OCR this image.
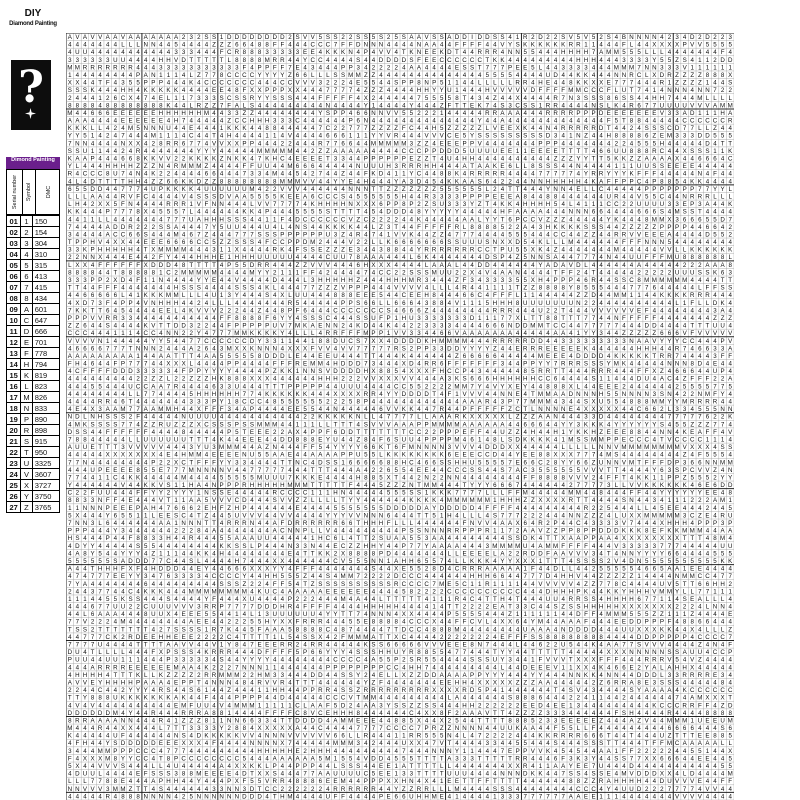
DIY
Diamond Painting
?
Dimond Painting
Serial number Symbol DMC
01	1	150
02	2	154
03	3	304
04	4	310
05	5	315
06	6	413
07	7	415
08	8	434
09	A	601
10	C	647
11	D	666
12	E	701
13	F	778
14	H	794
15	K	819
16	L	823
17	M	826
18	N	833
19	P	890
20	R	898
21	S	915
22	T	950
23	U	3325
24	V	3607
25	X	3727
26	Y	3750
27	Z	3765
A V A V V A A V A A A A A A A 2 3 2 S S 1 D D D D D D D D 2 S V V 5 S S 2 2 S S 5 S 2 5 S A A V S S A D D I D D S S 4 1 R 2 D 2 2 S V 5 V 5 2 S 4 B N N N N 4 2 3 4 D 2 D 2 2 3
4 4 4 4 4 4 4 L L L N N 4 4 5 4 4 4 4 Z Z Z 6 6 4 8 8 F F 4 4 4 C C C 7 F F D N N N 4 4 4 4 N A A 4 4 F F F F 4 4 V Y S K K K K K K R R 1 1 4 4 4 F L 4 4 X X X X P V V 5 5 5 5
4 U U 4 4 4 4 4 4 4 4 4 4 4 3 3 3 4 4 4 F C R 8 8 8 3 3 3 3 3 E E 4 K K K N 4 P 4 V V 4 T K N E E K D T 4 4 R R R 4 N N 5 5 4 4 4 H H H H 7 A M M 5 5 5 L L L 4 4 4 4 4 4 4 F 4
3 3 3 3 3 3 U U 4 4 4 4 H H V D T T T T T L 8 8 8 8 M R R 4 4 Y C C 4 4 4 4 S 4 4 D D D D S F E E C C C C C C T K K 4 4 4 4 4 4 4 4 4 H H H 4 4 4 3 3 3 3 Y 5 5 Z S 4 1 1 2 D D
M M R R R R R R R 4 4 4 3 3 3 3 3 3 3 3 3 3 3 F 4 P P F F 7 E 4 3 4 4 4 P P 3 4 2 2 2 2 4 A A 4 4 4 4 E S S T 7 7 7 P E E 5 L 4 4 3 3 3 3 4 4 4 M M M 7 N N 3 3 3 V 1 1 1 1 1 1
1 4 4 4 4 4 4 4 4 P A N 1 1 1 4 L Z 7 7 8 C C C C Y Y Y Y Z 6 6 L L L S S M M Z Z 4 4 4 4 4 4 4 4 4 4 4 4 4 4 5 5 5 5 4 4 4 4 U D 4 4 K K 4 4 4 N N R C L X D R Z Z Z Z 8 8 8 X
X X 4 4 T F 4 3 5 5 P P P 4 4 4 K 4 C C C C C C C 4 4 4 C C V V V 3 2 2 2 4 E 5 5 4 4 S P P 8 N P 5 1 1 4 4 L L L L L R R 4 H E 4 4 8 K K X X E 7 7 7 4 4 4 R 1 Z Z Z Z 1 4 4 S
S S S K 4 4 4 H H 4 K K K K K 4 4 4 4 E E 4 8 F X X P P P X X 4 4 4 7 7 7 7 4 Z Z Z 4 4 4 4 H H Y Y U 1 4 4 4 H V V V V V D F F F F M M C C C F L U T 7 4 1 4 N N N 4 N N 7 2 2
2 4 4 4 1 2 6 C X 4 7 4 E L 1 1 7 3 3 3 S C S S R Y Y S S S 4 4 4 F F F F F 4 X 2 4 4 4 4 4 7 5 5 5 5 8 T 4 3 4 Z 4 4 X 4 4 4 4 R 7 N 3 S S S 8 6 S S 4 4 H H 7 4 4 4 M L L L L
8 8 8 8 4 8 8 8 8 8 8 8 8 K 4 4 L R Z Z 7 F A L S 4 4 4 4 4 4 4 4 4 N 4 4 4 4 Y 1 4 4 4 4 Y 4 4 4 Z F T T E K 7 4 S 3 C S S 1 R R 4 4 4 4 N S L K 4 R 6 7 7 U U U U V V V A M M
M 4 4 6 6 6 E E E E E E H H H H H H M 4 4 3 3 Z Z 4 4 4 4 4 4 4 4 Y S P P 4 6 6 N N V V 5 5 2 2 2 1 4 4 4 4 4 R R A A A 4 4 4 R R R R P P P D E E E E E E E V 3 3 A D 1 1 1 H A
A A A 4 4 4 4 E E E E E E 4 H 7 4 4 4 4 4 Z C C H H H 3 3 3 C 4 4 4 4 4 4 P 6 N 4 4 4 4 4 4 4 4 4 4 4 4 4 4 Y 4 4 A 4 4 4 4 4 4 4 4 4 4 4 4 4 F 5 T 8 8 4 4 4 4 4 C C C C C C R
K K K L L 4 2 4 M 5 N N N U 4 4 E 4 4 4 1 K K K 4 4 8 8 4 4 4 4 4 7 C 2 2 7 7 7 Z Z Z Z F C 4 4 H 5 Z Z Z Z Z L V E E X K 4 4 N 4 R R R R R D T 4 4 2 4 S S S C D 7 7 L L Z 4 4
Y Y 5 1 4 2 4 7 4 4 4 M 1 1 1 4 C 4 4 T 4 H 4 4 4 4 1 1 4 V 4 4 4 4 6 6 6 1 1 1 Y Y V R 4 4 4 V V V C E 5 Y S S S S S S S S S D 3 4 1 N Z 4 4 H 8 8 8 8 6 Z E M 3 3 3 D D 5 5 5
7 N N 4 4 4 4 N X X 4 2 8 R R 6 7 7 4 V V X X P P 4 4 4 2 2 4 4 4 R 7 7 6 6 4 4 M M M M M 3 Z Z 4 E E E P P V 4 4 4 4 4 4 4 P P P 4 4 4 4 4 4 4 2 2 4 5 5 5 H 4 4 4 4 4 D 4 T T
S S U 1 1 4 4 2 4 R 4 4 4 4 4 4 4 Y Y Y 4 4 4 4 4 M M M M M 4 4 2 Z Z A A A A A 4 4 4 4 C C C P P D D D 5 U U U U E E 1 1 E E E E T T T T 4 6 6 U U 8 8 8 R C 4 4 X S S S 1 1 K
K A A P 4 4 4 6 6 8 K K V V 2 2 K K K K Z N K K 4 7 K H C 4 E E E E T 3 3 4 4 P P P P P P E Z Z T 4 U 4 H H 4 4 4 4 4 4 4 4 4 4 Z Z Z Y Y T T 5 K K Z Z A A A A X 4 4 6 6 6 4 C
Y L 4 4 4 H H H H Z Z Z N 4 R M M M Z 4 4 4 4 F F U U 4 4 M 6 6 6 4 4 4 4 4 N U U U H 3 R R R H H 4 4 4 A T A A K E 6 L L 8 S S S 4 4 N 4 4 4 4 1 1 1 U U S S E E E E 4 4 4 4 4
R 4 C C C 8 U 7 4 N 4 K 2 2 4 4 4 4 6 6 4 4 4 7 3 3 4 M 4 4 5 4 2 7 4 4 Z 4 4 F K D 4 1 1 Y C 4 4 8 8 K 4 R R R R R 4 4 4 4 7 7 7 7 7 4 Y R R Y Y Y K F F F 4 4 4 4 4 N 4 F 4 4
4 L 4 D T T T T H H 4 Z Z 6 6 K K D Z Z 8 8 8 8 8 8 8 8 M M M V V 4 4 Y Y E 4 H 4 4 4 Y A 3 D 4 5 4 K K A A S 6 4 2 2 4 4 N N H H H H H 4 K A F F P P C 4 P 8 8 5 4 K K 4 4 4 4
6 5 5 D D 4 4 7 7 7 4 U P K K K K 4 U U U U U U M 4 2 2 V V V 4 4 4 4 4 4 N N N T T Z Z Z Z Z Z Z 5 5 5 5 5 5 L 2 4 T T 4 4 4 Y N N 4 E L L C 4 4 4 4 4 P P P P P P P 7 7 Y Y L
L L L A A 4 4 R V F C 4 4 4 4 V 4 S S S D V A A 5 5 5 5 K E E A 6 C C C S 4 5 5 5 5 5 5 H 4 4 R 3 3 3 3 P P P P E E E A 8 4 4 8 8 4 4 4 4 4 4 U R 4 4 V 5 5 C 4 4 N R R R L L L
L H 4 2 X X 5 F N 4 4 4 4 R R R 1 V F N N 4 4 4 L V V 7 7 7 7 4 K H H H H N X X X 6 P P 8 P 2 Z S U 3 3 3 Y Z T 4 K K 4 H H H H 5 4 L 4 1 1 1 C C 2 2 U U U U 3 3 E P 3 A 4 4 K
K K 4 4 4 P 7 7 7 8 X 4 5 5 5 7 L 4 4 4 4 4 4 K K 4 P 4 4 4 5 5 5 5 S T T T T 4 5 4 D D D 4 8 Y Y Y Y Y 4 4 4 4 4 H F A A A A 4 4 4 N N N 6 6 4 4 4 4 6 6 6 S 4 M S S T 4 4 4 4
4 4 1 1 L L 4 4 4 4 4 4 4 7 7 7 U A H H H S S S 4 4 1 1 F 4 D C C C C C C V Z C 2 2 2 2 4 4 K 4 4 4 4 4 A A L Y Y T 6 P C C V Z Z Z 4 4 4 4 4 Y K 4 4 4 8 M M X 3 6 6 6 5 5 D 7
7 4 4 4 4 A D D R 2 2 2 S S A 4 4 4 7 Y 5 U U 4 4 4 U 4 L 4 N S 4 4 K K K K 4 4 L Z 3 T 4 4 F F F F F R L 8 8 8 8 5 2 2 A 4 3 H K K K K S S S 4 4 Z Z Z Z Z P P P P 4 4 6 6 4 2
3 4 4 4 4 A C C 6 6 S 4 4 4 M 4 6 7 Z 4 4 4 7 7 7 S S S P P P P P P U 3 Z 4 R 4 7 4 1 V V K 4 4 Z Z 4 7 7 7 4 4 4 4 5 5 5 4 4 4 C C 4 4 Z Z 4 4 R R V V E E E A 4 4 4 4 D 5 5 2
T P P H V 4 X X 4 4 E E E 6 6 6 6 C C 5 Z Z S S S 4 F C C P P D M 2 4 4 4 V 2 2 L L K 6 6 6 6 6 6 6 S S U U U S N X X D 5 4 K L L L M 4 4 4 4 4 4 F F F N N N 5 4 4 4 4 4 4 4 4
3 3 K P H H H H H 4 T X M M M M 4 4 4 3 1 1 X 4 4 4 4 R K 4 F S S E Z Z Z E 3 4 4 3 8 8 4 4 Y R R R R R R R C C T P U 5 5 X K 4 Z 4 4 4 4 4 4 4 M 4 4 4 4 4 V V L L K K K K K K
2 2 N N X 4 4 4 E 4 4 2 F Y 4 4 4 H H H E 1 H H H U U U U U 4 4 4 4 C U U 7 8 A A A 4 4 4 L 6 K 4 4 4 4 4 4 4 D S P 4 Z 5 N N S A 4 4 7 7 7 4 N 4 4 U U F F F M U 8 8 8 8 8 8 L
L X X 4 F F F F F F X D D D 4 8 T T T T 4 P 5 5 D R R 4 4 4 Z Z V V V 4 4 4 6 H X X X 4 4 4 4 L A A A L 4 4 D D 4 4 4 4 4 4 Y A D A V D L 4 4 4 4 4 4 A 4 4 4 4 4 2 2 2 A A A 8
8 8 8 8 4 4 T 8 8 8 8 8 1 C 2 M M M M M 4 4 4 4 M Y Y 2 1 1 1 F F 4 2 4 4 4 4 7 4 C C 2 2 S S S M U U 2 2 X 4 V 4 A A N 4 4 4 4 T F F 2 4 T 4 4 4 4 4 2 2 2 2 2 U U U S S K 6 3
3 3 3 P P 2 X D 4 F 1 1 N 4 4 4 4 Y Y E 4 4 V 4 4 4 4 D 4 4 4 L 3 H H H H H Z 4 4 4 H H H M R 3 4 4 4 Z F 3 4 3 3 3 3 5 5 X H 4 P P P 4 6 R 4 4 S S C 8 M M M M M M 4 4 4 4 T T
T T 4 4 F F F 4 4 4 4 4 4 4 H S S S 4 4 4 4 S S S 4 K L 4 4 4 7 7 Z Z Z V P P P 4 4 4 V V V V 4 L L L 4 R 4 4 1 1 1 1 T Z Z 8 8 8 8 Y 8 5 5 5 4 4 4 7 7 7 6 4 4 4 4 4 L F F S S
4 4 6 6 6 6 6 L 4 1 K K K M M L L L 4 U 1 3 Y 4 4 4 S 4 X L U U 4 4 4 8 8 8 E E E 5 4 4 C E E H 8 4 4 4 6 6 C 4 F F F L 1 1 4 4 4 4 4 Z Z D 4 4 M M 1 1 4 4 K K K K R R R 4 4 4
4 X D 7 3 F 4 P P 4 V N H H H 4 4 2 4 L L L 4 4 4 4 4 4 4 R 5 4 4 4 4 4 P P S 6 6 L L 6 6 6 4 3 8 8 4 V 1 1 1 5 H H H 8 U U U U U U U N 2 2 4 4 4 4 4 4 4 4 4 4 L 1 F L L D K 4
7 K K T T 6 4 5 4 4 4 4 E E L 4 K V V V 2 2 2 4 4 Z 4 4 8 P F 6 4 4 4 C C C C C C C S 4 6 6 6 Z 4 4 4 4 4 4 4 4 R R R 4 4 4 U 2 2 T 4 4 4 V V V V V V E F 4 4 4 4 4 4 4 4 3 A 4
P P P V V R R 3 3 4 4 4 4 4 4 4 4 4 4 4 F F 8 8 8 8 F 6 Y Y 4 S S S C 4 4 4 S S U F P 1 H U 3 3 3 3 3 3 3 D 1 1 1 7 7 X L T T 8 8 T T T 7 7 4 4 N F F F F F 4 4 4 4 4 4 4 Z Z Z
Z Z 6 4 4 S 4 4 4 4 K V T T D D 3 2 2 4 4 F P P P P P U V 7 M K A E N N 2 4 K D 4 4 K 4 4 2 2 3 3 3 3 4 4 4 4 6 6 6 N D D M M T C C 4 4 7 7 7 7 7 4 4 4 D D 4 4 4 4 T T T U U 4
C C C 4 4 4 1 1 1 4 C C 4 N N 2 2 Y 4 7 7 7 M M K K K K Y 4 L L L 4 R R F F F M P P 1 V V 3 3 4 4 6 6 V A A A A A A A 4 4 4 4 4 A A 4 1 Y Y 3 4 4 Z Z Z Z Z 6 6 6 V F V V V V V
V V V V N 1 4 4 4 4 4 Y Y 5 4 4 7 7 C C C C C C D Y 3 3 1 1 4 4 1 8 8 D U C S 7 X X 4 D D D D K H M M M M 4 4 4 R R R R R D D 4 4 3 3 3 3 3 3 3 3 3 N A A V Y Y Y C C 4 4 4 P V
4 6 6 6 6 7 7 7 T N N N 2 4 4 4 A 2 6 4 3 M X X K N N N 4 X X X F V V 4 V V 7 7 7 7 7 R S 2 P P 3 3 D D Y Y Y Y Z 4 4 E R R R E E E E E K 4 4 4 4 4 4 H H H 4 4 R 7 4 6 6 3 3 A
A A A A A A A A A 1 4 4 A A T T T 4 A A 5 5 5 5 5 8 D D D L E 4 4 E E U 4 4 4 T T 4 4 4 K 4 4 4 4 4 4 Z 6 6 6 6 6 4 4 4 4 4 M E E E 4 D D D D 4 K K K K K T R R 7 4 4 4 4 3 F F
F H 4 6 4 4 F P 7 7 7 4 4 X X X L 4 4 4 4 P P 4 4 4 4 F F F R E M M 4 H D D D 7 3 4 4 4 X D 4 R R 6 F F F F F F F 3 4 4 P P Y Y 7 R R R S S S Y M K 4 4 4 4 4 N N N 8 D 4 E 4 4
4 C F F F F D D D 3 3 3 3 3 4 F P P Y Y Y Y 4 4 4 4 P Z K K 1 N N S V D D D D H X 8 8 5 4 X X X F H C C P 4 3 4 4 4 4 4 8 5 R R T T 4 4 4 R R R 4 4 4 F F X Z 4 6 6 6 4 4 U P 4
4 4 4 4 4 4 4 4 4 2 2 Z Z L 2 2 Z Z Z H K 8 8 8 X X X 4 4 4 4 4 4 H H H 2 2 2 V V X X X V V 4 4 4 A 3 K S 6 6 6 H H H H H H C C 6 4 4 4 4 S 1 1 4 4 4 D U 4 A C 4 Z F F F 2 2 A
4 4 4 5 5 4 4 4 U C C A A 7 R 4 4 4 4 6 3 3 U 4 4 4 T T T P P P P P 4 4 U U U 4 4 4 4 C C 5 5 2 2 2 2 M M 7 Y 4 V Y X E Y 4 4 8 8 8 X L 4 4 E E E 2 4 4 4 4 4 4 2 5 5 5 5 7 7 5
4 4 4 4 4 4 4 4 L L 7 7 4 4 4 4 5 H H H H H H 7 7 4 K K K K K K 4 4 4 X X X X R R 4 Y Y D D D D T 4 F 1 V V V 4 4 N N E 4 T M M A A D N N N H 5 5 N N N N 3 S N 4 2 2 N M F Y 4
4 4 4 4 R R 4 6 T 4 4 4 4 4 4 4 3 3 3 P Y 1 8 C C C 4 8 5 5 5 5 5 5 2 2 2 5 8 P 4 4 4 4 4 4 4 4 4 4 4 4 A A A R 4 3 P 7 7 M M M 4 3 4 4 S X U 5 5 4 8 8 8 M M Y Y M R R R R 4 4
4 E 4 X 3 A A M 7 7 A A M M H 4 4 X F F F 3 4 A P 4 4 4 4 E E 5 5 4 4 N 4 4 4 4 4 6 V V K K 4 4 7 R 4 4 P F F F F F Z C T L N N N N E 4 X X X X X 4 4 C 6 6 2 L 3 3 4 5 5 5 N N
N D L N H S S S 2 F 4 4 4 4 4 N U U U U 4 4 4 4 4 4 4 4 4 4 4 2 2 K K K K K N L L 4 7 7 7 7 L L A A A R K X X X X X L Z Z Z A A N 4 4 4 3 3 D 4 4 4 4 4 4 4 4 7 7 7 7 7 6 2 2 K
4 M K S S S S 7 7 4 Z Z R U Z Z Z X C S S S P S S M M M 4 4 1 1 1 L L T T T 4 S V V V A A A P P M M M M A A A A A A 4 4 6 6 6 4 4 Y Y 3 K K K 4 Y Y Y Y Y Y S 4 5 5 Z Z Z 7 7 4
D S S 4 4 F F F F F F 4 4 4 4 8 4 4 4 4 4 P 5 T E E E 2 2 A X 4 P P F 6 D D T T T T T T T C C 2 2 P P P E F F 4 4 U Z Z 4 H 4 4 H 1 Y K K H Z E E E 8 8 4 4 N N 4 K E A F F 4 V
7 8 8 4 4 4 4 4 L L U U U U U U T T T 4 K 4 4 E E E 4 4 D D 8 8 8 E Y U 4 4 Z 8 4 F 6 S U U 4 P P P P M 4 6 1 4 8 L S D K K K K 4 1 M S S M M P P E C C C 4 T V C C C C 1 1 1 4
A U U E T T T 3 V V V V V 4 4 4 3 Y U 3 M M M 4 4 A Z N 4 4 4 F F 5 4 Y Y Y Y 6 6 K T 6 F M N N N N 3 V V V 4 D D D X X 4 4 4 4 4 L L L L L N N V M M M M M M M M V X X X 4 S S
4 4 4 4 4 X X X X X X X 4 E 4 H M M 4 E E E E N U 5 5 A A E 4 4 A A A A P P U 5 5 L K K K K K K K K 6 E E E C C D 4 4 Y E E 8 8 X X X 7 7 7 4 M S 4 4 4 4 4 4 4 4 Z 4 F 5 5 5 4
7 7 N 4 4 4 4 4 4 4 4 P 2 2 X C T F F F Y Y 3 3 4 4 4 4 T T N C 4 D S S 1 6 6 6 6 6 8 8 H C 4 6 6 S S H H U 5 5 5 5 7 E 6 6 C 2 8 Y Y 6 6 Z U N N V M T F F F D P 3 6 6 N N M M
4 4 4 U P E E E E 8 5 5 E 7 7 7 M N N N N V 4 4 7 7 7 7 7 4 4 4 T T T 4 4 4 A 4 2 2 6 5 5 4 E E 4 4 C C C S S 4 4 S 7 A C 3 5 5 5 5 5 5 V V V T T 4 4 4 4 Y 6 3 S P C V V Z 4 N
7 7 4 4 1 1 C 4 K K 4 4 4 4 4 M 4 4 4 4 5 5 5 5 5 M U U U 7 K K K E 4 4 4 4 H 8 8 5 X T 4 4 2 N 2 2 N N 4 4 4 4 4 4 4 4 F F 8 8 8 8 V V V 2 4 F F T 4 K K 1 1 P P Z 5 5 5 2 Y Y
Y 4 4 4 4 4 4 V 4 4 K K V S 1 1 H A 4 N P P P R H H H H H M M M T T T T T F 4 4 4 5 Z Z Z N T M M 4 4 4 T Y Y Y 6 6 6 7 4 4 4 4 4 4 2 7 7 7 7 3 L L V V K K K K K K 4 6 E 6 D D
C 2 2 F U U 4 4 4 F F Y Y 2 Y Y Y 1 N S S E 4 4 4 4 4 R C C C C 1 1 1 H N 4 4 4 4 4 5 5 5 S S 1 K K K 7 7 7 7 L L L F F M 4 4 4 4 4 M M 4 4 8 4 4 4 F F 4 4 Y Y Y Y Y Y E E 4 8
8 8 3 3 N F F 4 E 4 4 4 V T 1 1 A A 5 V V V C D 4 4 4 S V V Z Z L L L L T Y Y 4 4 4 4 4 4 K K K K 4 M M M M M M 1 H H H Z Z X X X X R T T 4 4 4 4 S N 4 4 3 4 1 1 1 2 2 2 A M 1
1 1 N N N P E E E P A H 4 7 6 6 6 2 E H F Z H P 4 4 4 4 4 4 E 4 4 4 4 5 5 5 5 5 5 5 D D D D D A Y D D D D D 4 F F F F 4 4 4 4 4 4 4 4 4 R 2 2 5 4 4 4 L L 4 5 E E 4 4 4 2 4 4 5
5 X 4 4 4 Y 6 5 5 1 1 L E E S C 4 T Z 4 4 5 U V V V 4 4 V V 4 4 4 4 Y Y Y V V N N N 6 4 4 4 T T 5 1 H 4 L L L 4 S 7 7 7 2 2 2 4 4 4 N N Z Z Z 4 L U X X M M M M M 3 C Z E 4 R U
7 N N 3 L 6 4 4 4 4 4 4 A A 1 N N N T T 4 R R R N 4 4 A F D R R R R R R 6 6 T H H H F L L L 4 4 4 4 4 4 F N V V 4 A A X 6 4 R 2 P 4 4 C 4 3 3 3 3 V 7 4 4 4 X H H H 4 P P P 3 P
P P P 4 4 4 Y 3 4 4 4 4 4 4 2 2 2 8 4 A 4 4 4 4 4 4 4 A C N N P L L V 4 4 4 4 4 4 4 4 4 P S S N N N R R P P P R 1 1 7 2 A A V Z Z P P 8 P P D D D K K K 8 E F K K M M M 4 4 A A
H S 4 4 4 P 4 4 F 8 8 3 3 H 4 4 R 4 4 4 5 5 A A A U U 4 4 4 4 4 1 H C 6 L 4 T T 2 S U A A 5 5 3 A A 4 4 4 4 4 4 4 4 S S D K 4 T T X A A P P A A 4 X X X X X X X X T T T 4 8 M 4
4 D Y Y 4 4 4 4 4 S 5 5 4 4 4 4 4 4 4 4 K K S S L P 4 4 4 N 3 3 N 4 4 E C Z Z H H Y 4 4 P 7 7 Y A A A A 4 4 4 3 M M M M U 4 A M M F F F F 4 4 4 V 3 3 3 3 3 7 7 7 4 4 4 4 4 U U
4 A 8 Y 5 4 4 Y Y Y 4 Z 1 1 1 4 4 K K 4 H 4 4 4 4 4 4 4 4 E 4 T T K K 2 X 8 8 8 8 P D 4 4 4 4 4 4 4 L L E E E E L A 2 2 R D D F A A V V V 3 4 T 4 N N Y Y Y Y 6 6 4 4 4 4 5 5 5
5 5 5 5 5 5 S A D D D 7 7 C 4 4 S L 4 4 4 4 H 7 4 4 4 X X 4 4 4 4 4 4 C V 5 5 5 N N 1 A H H 6 5 5 7 4 L L K K K 4 Y Y X X X 1 T T T 4 S S S S 2 V 4 D N 5 5 5 5 5 5 5 5 5 5 K K
A 4 4 T H H H F X F 4 H D D D 4 4 E Y 4 4 6 6 6 X X X Y Y 4 F F F 4 4 4 4 4 4 4 S 4 4 X E 5 5 2 8 D 4 C R R R A A A A A 1 F 4 4 D L L 4 4 2 5 5 5 5 5 4 6 6 5 A A 1 E E 4 4 4 4
4 7 4 7 7 7 E E Y Y 3 4 7 6 3 3 3 3 4 C C C C Y 4 4 H H 5 5 5 Z 4 4 S 4 M M 7 2 2 2 2 D C C C 4 4 4 4 4 4 H H H 6 6 4 4 7 7 7 D 4 H H V 4 4 Z Z Z Z Z 1 4 4 4 4 N M M C C 4 7 7
7 Y A 4 4 4 4 4 4 4 6 4 4 4 4 4 4 4 4 4 S S S Z 2 2 4 F F 5 4 T Z S S S S S S S S S S R C C C C 7 M E 5 C 1 1 R 1 1 1 1 4 4 V V V V V 4 Z Z 7 7 8 C 4 4 4 4 U V 5 T T 6 6 H H 2
2 4 4 3 7 7 4 4 C 4 K K K 4 4 4 M M M M M M M M 4 K U C 4 A A A A A E E E E E E 4 4 4 4 5 8 2 2 2 2 C C C C C C C C C C 4 4 4 D H H H P K 4 4 K K Y H H H V M M Y L L 7 7 1 1 1
1 1 1 4 4 5 5 K S S 4 4 4 S 4 4 4 4 Y F 4 4 4 X U 4 4 4 4 P 2 2 2 4 4 4 M 4 A 4 4 L T T T T T 4 1 1 1 R 4 C 4 T T H 4 T 4 4 4 U U 4 R R S S 4 H H H H 6 7 7 1 1 4 S E A L L L 4
4 4 4 6 7 7 U U 2 2 C U U U V V V 3 R R P 7 7 7 7 D D D H R 4 F F F F 4 4 4 4 H H H H H 4 4 4 4 1 4 T T 2 2 2 2 E A T 3 3 C 4 4 S Z S S H H H H H X X X X X X X 2 2 2 4 L N N 4
4 4 L 6 A A A 4 4 4 8 U U X 4 E E E 5 5 4 4 1 4 L 1 3 U U U U U U 4 Y Y T T 7 4 N N N 4 X X 4 4 4 4 P 5 5 5 5 4 4 4 Z 1 1 1 1 1 1 4 4 D F F 4 M M M 5 5 5 Z Z 1 1 1 Z 4 4 4 4 E
7 7 V 2 2 2 4 M 4 4 4 4 4 4 4 4 A E E 4 4 2 2 2 5 5 H Y X X F R R R 4 4 4 5 5 E 8 8 8 8 4 C C C X 4 4 F F C V L 4 X X 6 4 Y M 4 4 A A A F 4 4 4 E E D D P P P F 4 8 8 6 6 4 4 4
T S S 2 T T T T T T T 4 2 7 S S S S 1 R 7 K 4 4 5 F A A A 5 8 8 8 8 C 4 8 7 4 4 4 4 7 T D C C 4 8 8 8 M 4 4 4 4 4 4 4 4 U A A A 4 N D D D D 4 4 4 U U X X X K K 4 4 X 4 L L L Z
4 4 7 7 7 C K 2 R D E E H H E E E 2 2 2 2 C 4 T T T T 1 L 5 4 S S X 4 2 F M M M A T T X C 4 4 4 4 2 2 2 2 2 2 2 4 E F F F S S 8 8 8 8 8 8 8 8 4 4 4 4 D D P P P P P 4 C C C C 7
7 7 7 7 U 4 4 4 4 T T T T A A V V 4 4 V 1 Y 8 4 7 E E E R R 2 4 R R 4 4 4 4 4 K S S 6 6 6 6 6 V V V E E E 8 N 7 4 4 4 L 4 4 6 2 2 U 5 4 4 K 4 A A 7 7 S V V V 4 4 4 4 Z 4 N 4 F
D U 4 T L L L L 4 4 4 F X P S S S 4 K R R R 4 4 4 D F F F F 5 P 6 6 Y Y Y 4 S S S H H U Y R 8 8 5 5 4 7 7 4 4 4 T Y Y 4 4 T T T T T 4 4 4 4 4 X X X N N N N N S S A U U 4 C C P
P U U 4 4 U U 1 1 1 4 4 4 P 3 3 3 3 3 4 S 4 4 Y Y Y Y 4 4 4 4 4 4 4 4 C C C C 4 A 5 5 P 2 S R 5 5 4 4 4 4 S S S U Y 3 4 4 1 F V V V T X X X F F F 4 4 4 R R R V 5 4 V Z 4 4 4 4
4 4 4 A R R R R E E E E E E M A A 4 K 2 2 2 7 N N N 1 1 4 4 4 4 4 4 P P P P P P P P C C 4 H H 7 4 4 4 4 4 4 4 4 4 L 4 4 D E E E V 1 1 X X 4 K 4 6 6 E 2 Y A L A H H X 4 4 4 4 4
4 H H H H 4 T T T K L L K Z Z Z Z 2 R R M M M 2 2 H M 3 3 4 4 4 D D 4 4 S S Y 2 4 E L L X Z Z D D A A A A P P Y Y Y 4 4 4 Y Y 4 4 4 N N K K 4 N N 4 4 D D D L 3 3 R R R R E 3 4
A V V E Y H H H H P A A A 4 E P P T 4 N N N 4 8 4 R V V R 4 T T T 4 4 4 4 4 4 Y Z F 4 4 4 4 4 4 4 E E H H 4 X X X X X Z Z Z A A 4 4 4 4 4 2 Z 6 R R A 8 E 3 S S S 4 4 4 4 4 8 4
2 2 4 4 C 4 4 2 Y Y Y 4 R S 4 4 S 6 1 4 4 Z 4 4 4 1 1 H H 4 4 P P R R 4 S S Z R R R R R R R R R X X X X R D 5 P 4 1 4 4 4 4 4 4 T 4 S V 4 3 4 4 4 4 S Y A A A A 4 K C C C C C C
T T Y 8 8 8 U K K K K K K K A K 4 4 F 4 4 4 P P P P 4 4 D 4 4 4 4 4 C C C V T M M 4 4 4 4 4 4 4 4 4 L A 4 4 4 4 4 4 S 8 8 8 6 4 4 4 2 2 4 1 1 4 4 2 4 4 4 4 4 4 7 4 A M X X X T
4 V 4 V 4 4 4 4 4 4 4 4 4 4 E M F U U 4 V 4 M M M 1 1 1 1 1 C L A A F 5 D 2 4 A A 3 Y S S Z Z S S 4 4 4 H H 2 2 2 2 2 2 E E D 4 E E 1 3 4 4 4 4 4 4 4 4 4 K C C C R R F F 4 Z D
D D D D D D M 4 Y 4 4 R 4 4 4 R R R A 8 8 1 4 4 4 4 F F F F C 8 V C E H H H 8 4 4 4 4 4 4 C 4 X X 8 F 2 A A A V T T 4 Z Z Z Z 3 3 3 4 4 4 4 4 4 F S H 4 4 4 4 R 4 4 4 4 8 8 8 8
8 R R A A A A N N 4 4 4 R 4 1 Z Z Z 8 1 1 N N 6 6 3 3 4 T T D D D D 4 A M M E E E 4 4 8 8 5 X 4 4 X 2 5 4 4 T T T T 8 8 8 5 2 3 3 E E E E E Z 4 4 4 A Z V 4 4 M M M 1 U E E U M
M 4 4 4 R 4 4 X X 4 4 4 L 7 T T 3 3 3 3 Y 2 8 8 4 X X X X X A 4 4 C 4 4 4 4 7 7 7 7 C C C C 7 P R Z Z N N N N 4 4 U U K A A 4 4 F 5 5 L L F 4 4 4 4 4 4 4 4 4 6 6 6 6 4 4 4 S 6
K 4 4 4 4 4 U F 4 4 4 4 4 4 N S 4 D K K K K K V V 4 N N N V V V V V V 6 6 L L R 4 4 4 1 1 R R 5 5 5 N 4 L 4 7 2 2 2 2 4 4 4 K K R R R R 6 6 6 T 4 4 T 4 4 4 U Z T T T E E 8 8 5
4 F H 4 4 Y S D D D D D E E E X X X 4 F 4 4 4 4 N N N N X 7 4 4 4 4 4 M M M 3 4 2 4 4 4 U X X 4 7 V T 4 4 4 4 3 3 4 4 5 5 4 4 4 S 4 4 4 S S S T T 4 4 4 T F F M C A A A A A L L
3 4 4 4 M M P P P C C C 4 7 7 7 4 4 4 4 4 4 4 4 4 H H H H H E 2 H H H 4 4 4 4 4 4 4 4 4 7 4 4 4 N N N Y 1 1 4 4 4 7 E P P V V K 4 5 4 5 4 4 A A 1 F F 2 2 2 2 2 4 4 5 5 1 4 4 X
F 4 X X X M 8 Y Y C C 4 T 8 P C C C C C C C C 5 4 4 4 A A A A A A 5 M 1 5 5 4 V D D 4 5 5 5 T T T T A 3 3 3 T T T T T R R 4 4 4 6 F 3 K 3 Y 4 4 S S 7 7 X X 6 6 6 4 4 E E 4 4 5
5 X 4 4 V V V S 4 4 4 L L 4 U 4 4 4 4 4 A 4 X X K K L P 4 4 P P P 4 4 L S S S 4 4 E E 1 A T T T T L L 4 4 4 4 4 4 4 X X R 4 1 1 A A Y E E 7 U 4 4 4 D 4 4 4 4 4 4 4 4 4 4 4 5 5
4 D U U L 4 4 4 4 E F S S S 3 8 8 M E E E E 4 D T X X S 4 4 4 7 7 A A U U U U C 5 E E 1 3 3 T T T T U U U 4 4 4 4 N N N D K K 4 4 7 S S 4 S S E 4 M V D D D X X 4 L D 4 4 4 4 M
L L L 7 7 8 8 E 4 4 4 A P H H 4 4 Y 4 4 4 P X F 5 5 V R R 4 8 8 8 6 E E M 4 4 P P P X X H N 4 X 4 1 E E T T F F T T T T 4 4 4 4 4 4 8 8 Z Z R A H H H H 4 4 D U V V V E 4 4 F F
N N V V V 3 M M Z T T 4 S 4 4 4 4 4 4 3 3 N N 3 D T C C 2 2 2 2 2 2 4 R R R R R R 4 4 Y Z Z R R L L L M 4 4 4 4 S S S 4 4 4 4 4 4 4 4 C C C 4 Y 4 U U D 2 2 2 7 7 7 7 4 V V 4 4
4 4 4 4 4 R 4 8 8 8 N N N N 4 2 5 N N N N N N D D D 4 T H M 4 4 4 4 U F F 4 4 4 4 P E 6 6 U H H M E 4 1 4 4 4 4 1 3 3 3 7 7 7 7 7 7 A A E E 1 1 1 4 4 4 4 4 4 4 V V V V 4 4 4 4
